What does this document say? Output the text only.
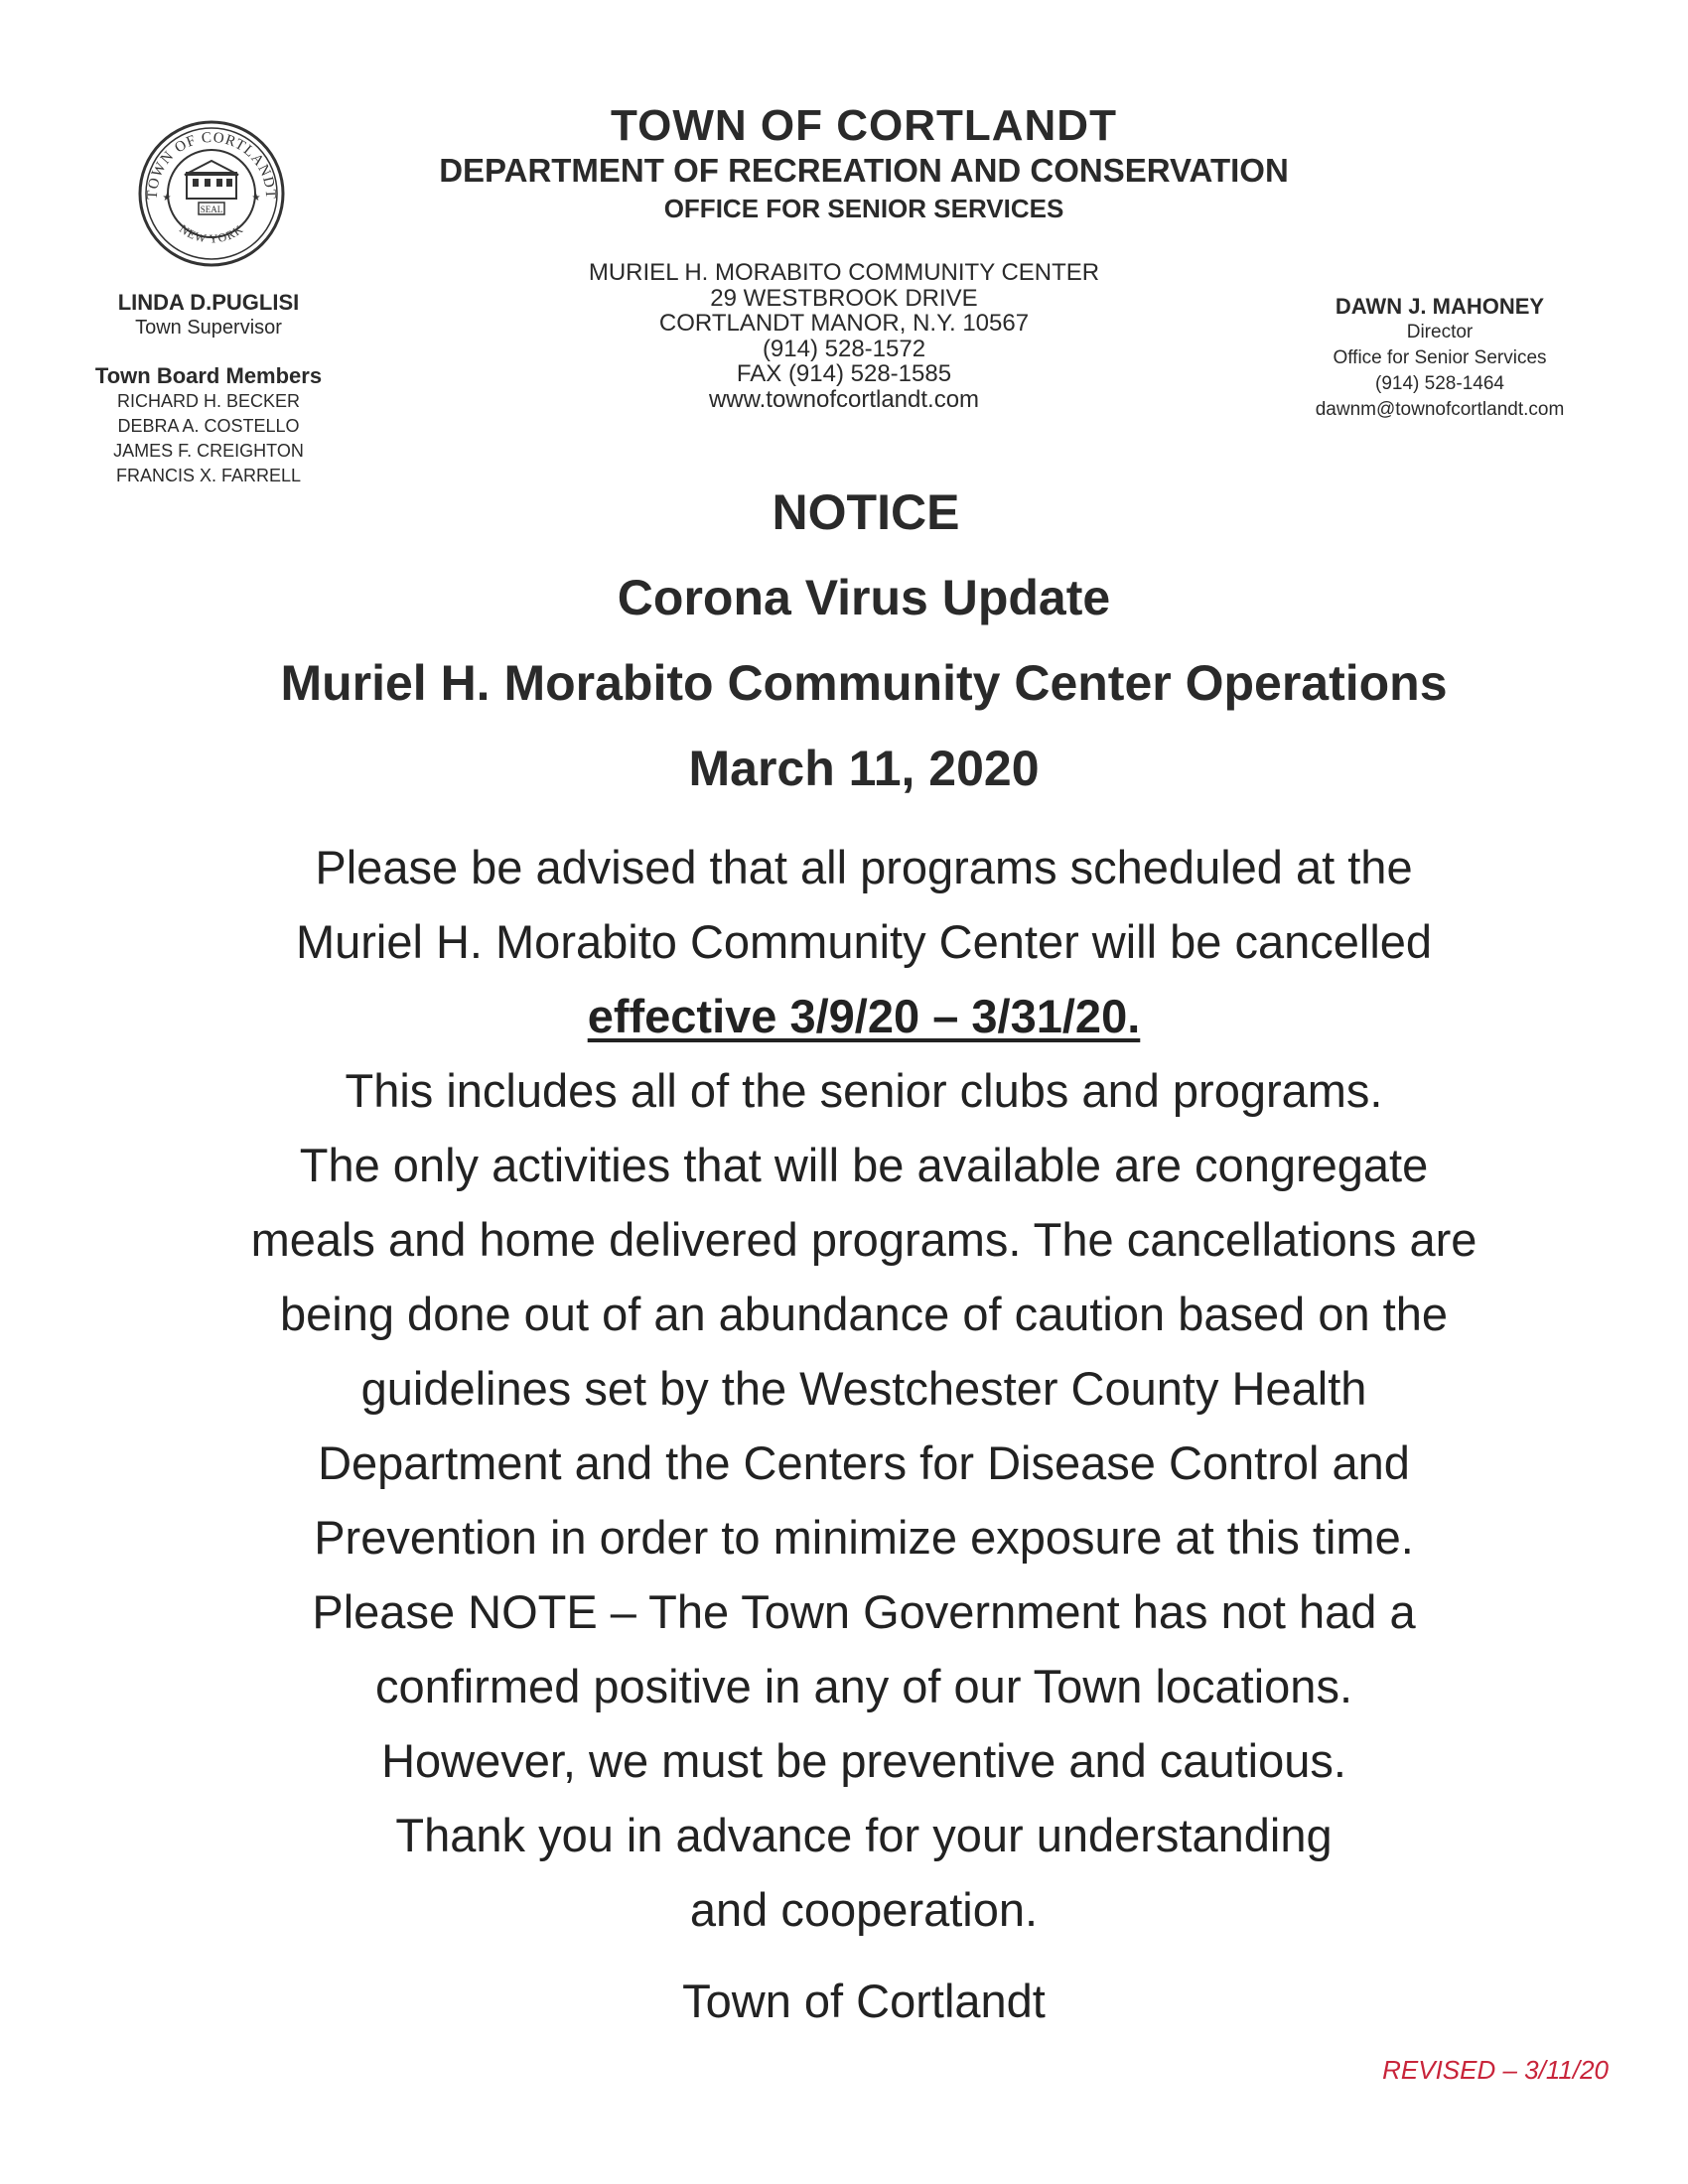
TOWN OF CORTLANDT
NEW YORK
SEAL
★	★
TOWN OF CORTLANDT
DEPARTMENT OF RECREATION AND CONSERVATION
OFFICE FOR SENIOR SERVICES
MURIEL H. MORABITO COMMUNITY CENTER
29 WESTBROOK DRIVE
CORTLANDT MANOR, N.Y. 10567
(914) 528-1572
FAX (914) 528-1585
www.townofcortlandt.com
LINDA D.PUGLISI
Town Supervisor
Town Board Members
RICHARD H. BECKER
DEBRA A. COSTELLO
JAMES F. CREIGHTON
FRANCIS X. FARRELL
DAWN J. MAHONEY
Director
Office for Senior Services
(914) 528-1464
dawnm@townofcortlandt.com
NOTICE
Corona Virus Update
Muriel H. Morabito Community Center Operations
March 11, 2020
Please be advised that all programs scheduled at the
Muriel H. Morabito Community Center will be cancelled
effective 3/9/20 – 3/31/20.
This includes all of the senior clubs and programs.
The only activities that will be available are congregate
meals and home delivered programs. The cancellations are
being done out of an abundance of caution based on the
guidelines set by the Westchester County Health
Department and the Centers for Disease Control and
Prevention in order to minimize exposure at this time.
Please NOTE – The Town Government has not had a
confirmed positive in any of our Town locations.
However, we must be preventive and cautious.
Thank you in advance for your understanding
and cooperation.
Town of Cortlandt
REVISED – 3/11/20
